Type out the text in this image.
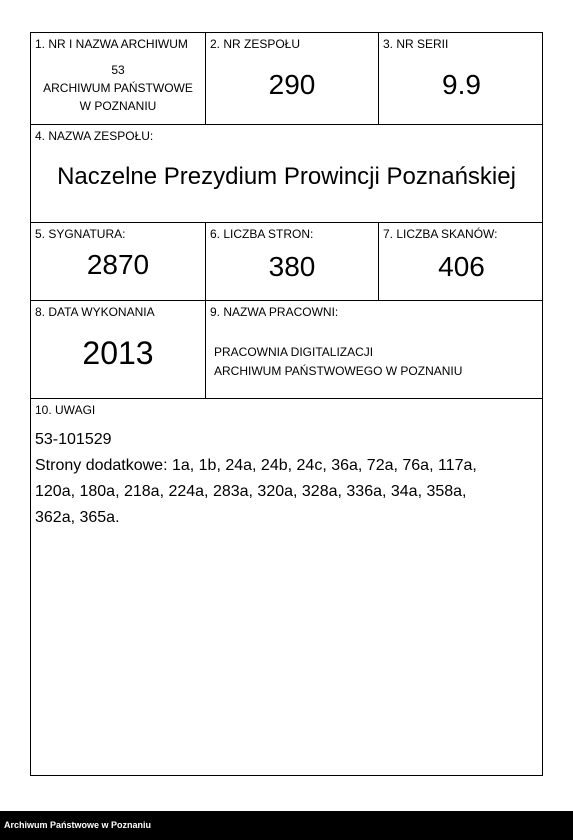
1. NR I NAZWA ARCHIWUM
53
ARCHIWUM PAŃSTWOWE
W POZNANIU
2. NR ZESPOŁU
290
3. NR SERII
9.9
4. NAZWA ZESPOŁU:
Naczelne Prezydium Prowincji Poznańskiej
5. SYGNATURA:
2870
6. LICZBA STRON:
380
7. LICZBA SKANÓW:
406
8. DATA WYKONANIA
2013
9. NAZWA PRACOWNI:
PRACOWNIA DIGITALIZACJI
ARCHIWUM PAŃSTWOWEGO W POZNANIU
10. UWAGI
53-101529
Strony dodatkowe: 1a, 1b, 24a, 24b, 24c, 36a, 72a, 76a, 117a,
120a, 180a, 218a, 224a, 283a, 320a, 328a, 336a, 34a, 358a,
362a, 365a.
Archiwum Państwowe w Poznaniu
